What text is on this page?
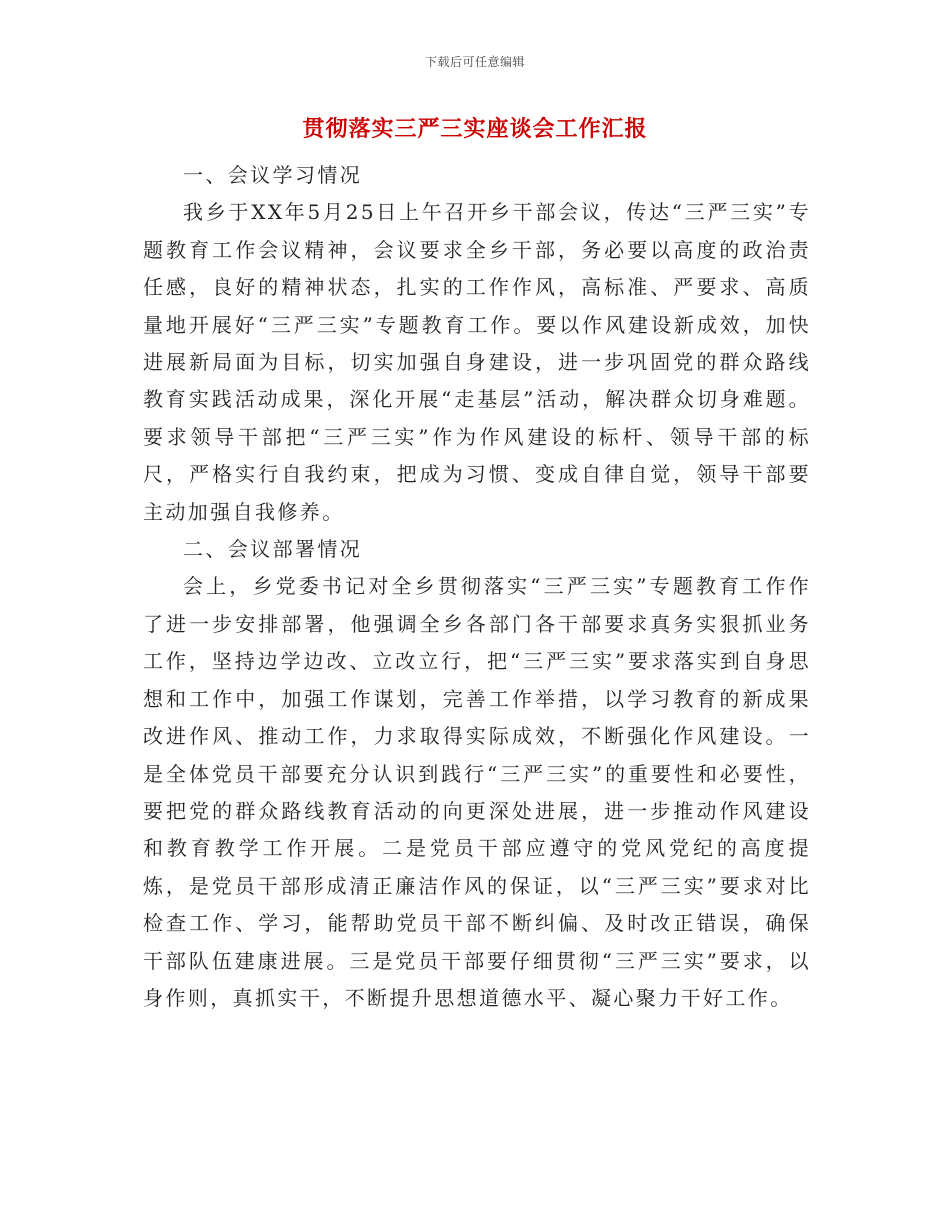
下载后可任意编辑
贯彻落实三严三实座谈会工作汇报

一、会议学习情况

我乡于XX年5月25日上午召开乡干部会议，传达“三严三实”专题教育工作会议精神，会议要求全乡干部，务必要以高度的政治责任感，良好的精神状态，扎实的工作作风，高标准、严要求、高质量地开展好“三严三实”专题教育工作。要以作风建设新成效，加快进展新局面为目标，切实加强自身建设，进一步巩固党的群众路线教育实践活动成果，深化开展“走基层”活动，解决群众切身难题。要求领导干部把“三严三实”作为作风建设的标杆、领导干部的标尺，严格实行自我约束，把成为习惯、变成自律自觉，领导干部要主动加强自我修养。

二、会议部署情况

会上，乡党委书记对全乡贯彻落实“三严三实”专题教育工作作了进一步安排部署，他强调全乡各部门各干部要求真务实狠抓业务工作，坚持边学边改、立改立行，把“三严三实”要求落实到自身思想和工作中，加强工作谋划，完善工作举措，以学习教育的新成果改进作风、推动工作，力求取得实际成效，不断强化作风建设。一是全体党员干部要充分认识到践行“三严三实”的重要性和必要性，要把党的群众路线教育活动的向更深处进展，进一步推动作风建设和教育教学工作开展。二是党员干部应遵守的党风党纪的高度提炼，是党员干部形成清正廉洁作风的保证，以“三严三实”要求对比检查工作、学习，能帮助党员干部不断纠偏、及时改正错误，确保干部队伍建康进展。三是党员干部要仔细贯彻“三严三实”要求，以身作则，真抓实干，不断提升思想道德水平、凝心聚力干好工作。
